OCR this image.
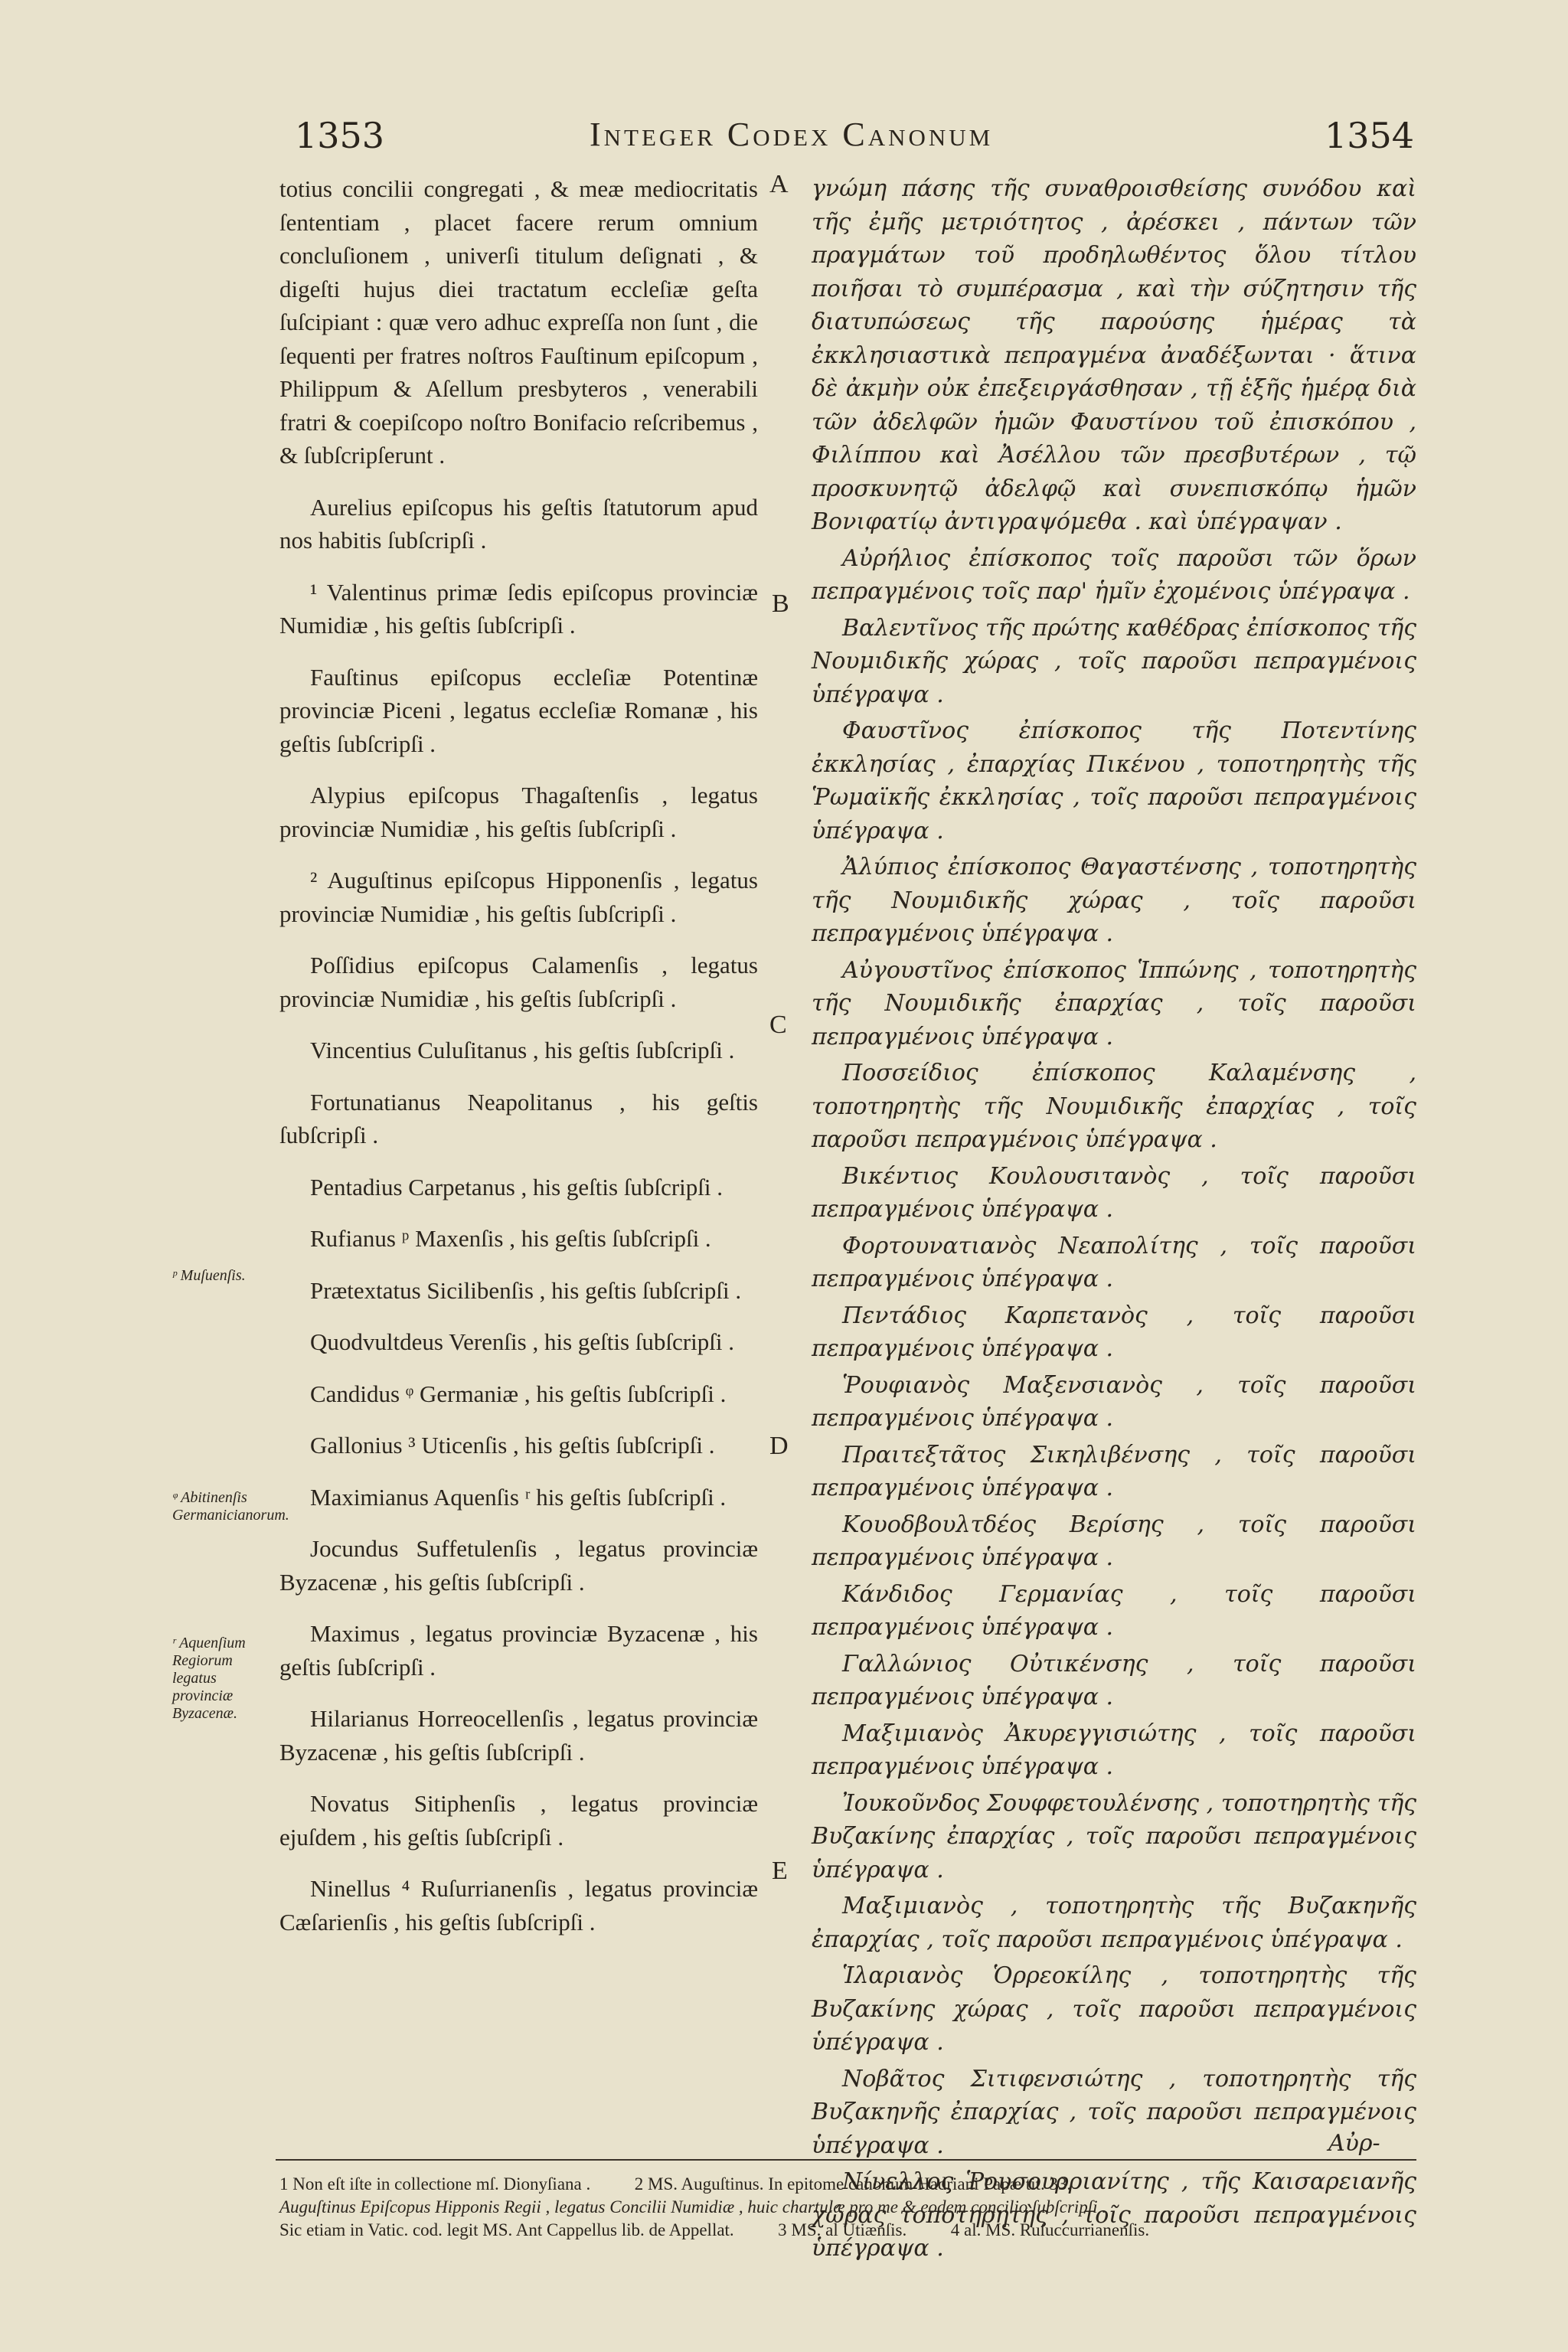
1353	Integer Codex Canonum	1354
totius concilii congregati , & meæ mediocritatis ſententiam , placet facere rerum omnium concluſionem , univerſi titulum deſignati , & digeſti hujus diei tractatum eccleſiæ geſta ſuſcipiant : quæ vero adhuc expreſſa non ſunt , die ſequenti per fratres noſtros Fauſtinum epiſcopum , Philippum & Aſellum presbyteros , venerabili fratri & coepiſcopo noſtro Bonifacio reſcribemus , & ſubſcripſerunt .
Aurelius epiſcopus his geſtis ſtatutorum apud nos habitis ſubſcripſi .
¹ Valentinus primæ ſedis epiſcopus provinciæ Numidiæ , his geſtis ſubſcripſi .
Fauſtinus epiſcopus eccleſiæ Potentinæ provinciæ Piceni , legatus eccleſiæ Romanæ , his geſtis ſubſcripſi .
Alypius epiſcopus Thagaſtenſis , legatus provinciæ Numidiæ , his geſtis ſubſcripſi .
² Auguſtinus epiſcopus Hipponenſis , legatus provinciæ Numidiæ , his geſtis ſubſcripſi .
Poſſidius epiſcopus Calamenſis , legatus provinciæ Numidiæ , his geſtis ſubſcripſi .
Vincentius Culuſitanus , his geſtis ſubſcripſi .
Fortunatianus Neapolitanus , his geſtis ſubſcripſi .
Pentadius Carpetanus , his geſtis ſubſcripſi .
Rufianus ᵖ Maxenſis , his geſtis ſubſcripſi .
Prætextatus Sicilibenſis , his geſtis ſubſcripſi .
Quodvultdeus Verenſis , his geſtis ſubſcripſi .
Candidus ᵠ Germaniæ , his geſtis ſubſcripſi .
Gallonius ³ Uticenſis , his geſtis ſubſcripſi .
Maximianus Aquenſis ʳ his geſtis ſubſcripſi .
Jocundus Suffetulenſis , legatus provinciæ Byzacenæ , his geſtis ſubſcripſi .
Maximus , legatus provinciæ Byzacenæ , his geſtis ſubſcripſi .
Hilarianus Horreocellenſis , legatus provinciæ Byzacenæ , his geſtis ſubſcripſi .
Novatus Sitiphenſis , legatus provinciæ ejuſdem , his geſtis ſubſcripſi .
Ninellus ⁴ Ruſurrianenſis , legatus provinciæ Cæſarienſis , his geſtis ſubſcripſi .
γνώμη πάσης τῆς συναθροισθείσης συνόδου καὶ τῆς ἐμῆς μετριότητος , ἀρέσκει , πάντων τῶν πραγμάτων τοῦ προδηλωθέντος ὅλου τίτλου ποιῆσαι τὸ συμπέρασμα , καὶ τὴν σύζητησιν τῆς διατυπώσεως τῆς παρούσης ἡμέρας τὰ ἐκκλησιαστικὰ πεπραγμένα ἀναδέξωνται · ἅτινα δὲ ἀκμὴν οὐκ ἐπεξειργάσθησαν , τῇ ἑξῆς ἡμέρᾳ διὰ τῶν ἀδελφῶν ἡμῶν Φαυστίνου τοῦ ἐπισκόπου , Φιλίππου καὶ Ἀσέλλου τῶν πρεσβυτέρων , τῷ προσκυνητῷ ἀδελφῷ καὶ συνεπισκόπῳ ἡμῶν Βονιφατίῳ ἀντιγραψόμεθα . καὶ ὑπέγραψαν .
Αὐρήλιος ἐπίσκοπος τοῖς παροῦσι τῶν ὅρων πεπραγμένοις τοῖς παρ' ἡμῖν ἐχομένοις ὑπέγραψα .
Βαλεντῖνος τῆς πρώτης καθέδρας ἐπίσκοπος τῆς Νουμιδικῆς χώρας , τοῖς παροῦσι πεπραγμένοις ὑπέγραψα .
Φαυστῖνος ἐπίσκοπος τῆς Ποτεντίνης ἐκκλησίας , ἐπαρχίας Πικένου , τοποτηρητὴς τῆς Ῥωμαϊκῆς ἐκκλησίας , τοῖς παροῦσι πεπραγμένοις ὑπέγραψα .
Ἀλύπιος ἐπίσκοπος Θαγαστένσης , τοποτηρητὴς τῆς Νουμιδικῆς χώρας , τοῖς παροῦσι πεπραγμένοις ὑπέγραψα .
Αὐγουστῖνος ἐπίσκοπος Ἱππώνης , τοποτηρητὴς τῆς Νουμιδικῆς ἐπαρχίας , τοῖς παροῦσι πεπραγμένοις ὑπέγραψα .
Ποσσείδιος ἐπίσκοπος Καλαμένσης , τοποτηρητὴς τῆς Νουμιδικῆς ἐπαρχίας , τοῖς παροῦσι πεπραγμένοις ὑπέγραψα .
Βικέντιος Κουλουσιτανὸς , τοῖς παροῦσι πεπραγμένοις ὑπέγραψα .
Φορτουνατιανὸς Νεαπολίτης , τοῖς παροῦσι πεπραγμένοις ὑπέγραψα .
Πεντάδιος Καρπετανὸς , τοῖς παροῦσι πεπραγμένοις ὑπέγραψα .
Ῥουφιανὸς Μαξενσιανὸς , τοῖς παροῦσι πεπραγμένοις ὑπέγραψα .
Πραιτεξτᾶτος Σικηλιβένσης , τοῖς παροῦσι πεπραγμένοις ὑπέγραψα .
Κουοδβουλτδέος Βερίσης , τοῖς παροῦσι πεπραγμένοις ὑπέγραψα .
Κάνδιδος Γερμανίας , τοῖς παροῦσι πεπραγμένοις ὑπέγραψα .
Γαλλώνιος Οὐτικένσης , τοῖς παροῦσι πεπραγμένοις ὑπέγραψα .
Μαξιμιανὸς Ἀκυρεγγισιώτης , τοῖς παροῦσι πεπραγμένοις ὑπέγραψα .
Ἰουκοῦνδος Σουφφετουλένσης , τοποτηρητὴς τῆς Βυζακίνης ἐπαρχίας , τοῖς παροῦσι πεπραγμένοις ὑπέγραψα .
Μαξιμιανὸς , τοποτηρητὴς τῆς Βυζακηνῆς ἐπαρχίας , τοῖς παροῦσι πεπραγμένοις ὑπέγραψα .
Ἱλαριανὸς Ὁρρεοκίλης , τοποτηρητὴς τῆς Βυζακίνης χώρας , τοῖς παροῦσι πεπραγμένοις ὑπέγραψα .
Νοβᾶτος Σιτιφενσιώτης , τοποτηρητὴς τῆς Βυζακηνῆς ἐπαρχίας , τοῖς παροῦσι πεπραγμένοις ὑπέγραψα .
Νίνελλος Ῥουσουρριανίτης , τῆς Καισαρειανῆς χώρας τοποτηρητὴς , τοῖς παροῦσι πεπραγμένοις ὑπέγραψα .
A
B
C
D
E
ᵖ Muſuenſis.
ᵠ Abitinenſis Germanicianorum.
ʳ Aquenſium Regiorum legatus provinciæ Byzacenæ.
Αὐρ-
1 Non eſt iſte in collectione mſ. Dionyſiana .          2 MS. Auguſtinus. In epitome canonum Hadriani Papæ tit. 33.
Auguſtinus Epiſcopus Hipponis Regii , legatus Concilii Numidiæ , huic chartulæ pro me & eodem concilio ſubſcripſi .
Sic etiam in Vatic. cod. legit MS. Ant Cappellus lib. de Appellat.          3 MS. al Utiænſis.          4 al. MS. Ruſuccurrianenſis.
